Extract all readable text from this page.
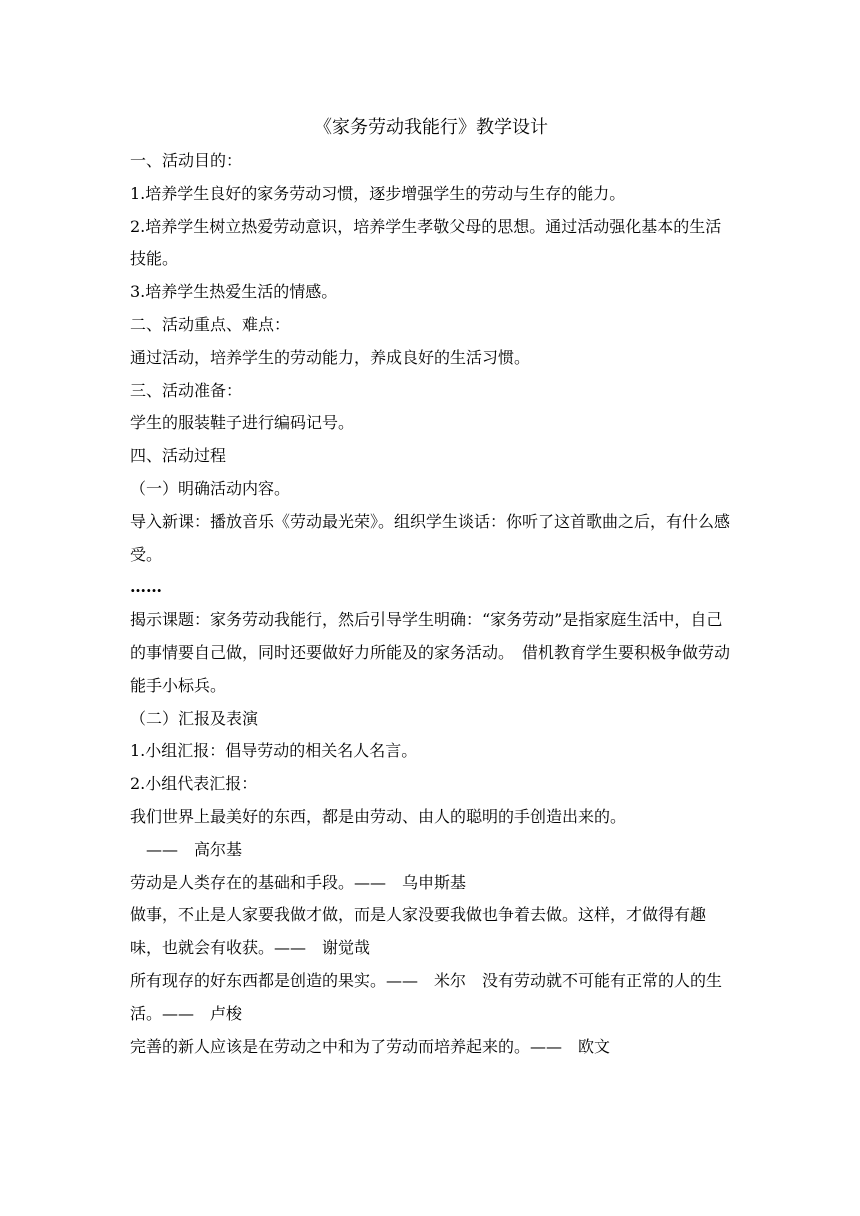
《家务劳动我能行》教学设计

一、活动目的：

1.培养学生良好的家务劳动习惯，逐步增强学生的劳动与生存的能力。

2.培养学生树立热爱劳动意识，培养学生孝敬父母的思想。通过活动强化基本的生活技能。

3.培养学生热爱生活的情感。

二、活动重点、难点：

通过活动，培养学生的劳动能力，养成良好的生活习惯。

三、活动准备：

学生的服装鞋子进行编码记号。

四、活动过程

（一）明确活动内容。

导入新课：播放音乐《劳动最光荣》。组织学生谈话：你听了这首歌曲之后，有什么感受。

……

揭示课题：家务劳动我能行，然后引导学生明确：“家务劳动”是指家庭生活中，自己的事情要自己做，同时还要做好力所能及的家务活动。　借机教育学生要积极争做劳动能手小标兵。

（二）汇报及表演

1.小组汇报：倡导劳动的相关名人名言。

2.小组代表汇报：

我们世界上最美好的东西，都是由劳动、由人的聪明的手创造出来的。

　——　高尔基

劳动是人类存在的基础和手段。——　乌申斯基

做事，不止是人家要我做才做，而是人家没要我做也争着去做。这样，才做得有趣味，也就会有收获。——　谢觉哉

所有现存的好东西都是创造的果实。——　米尔　没有劳动就不可能有正常的人的生活。——　卢梭

完善的新人应该是在劳动之中和为了劳动而培养起来的。——　欧文
